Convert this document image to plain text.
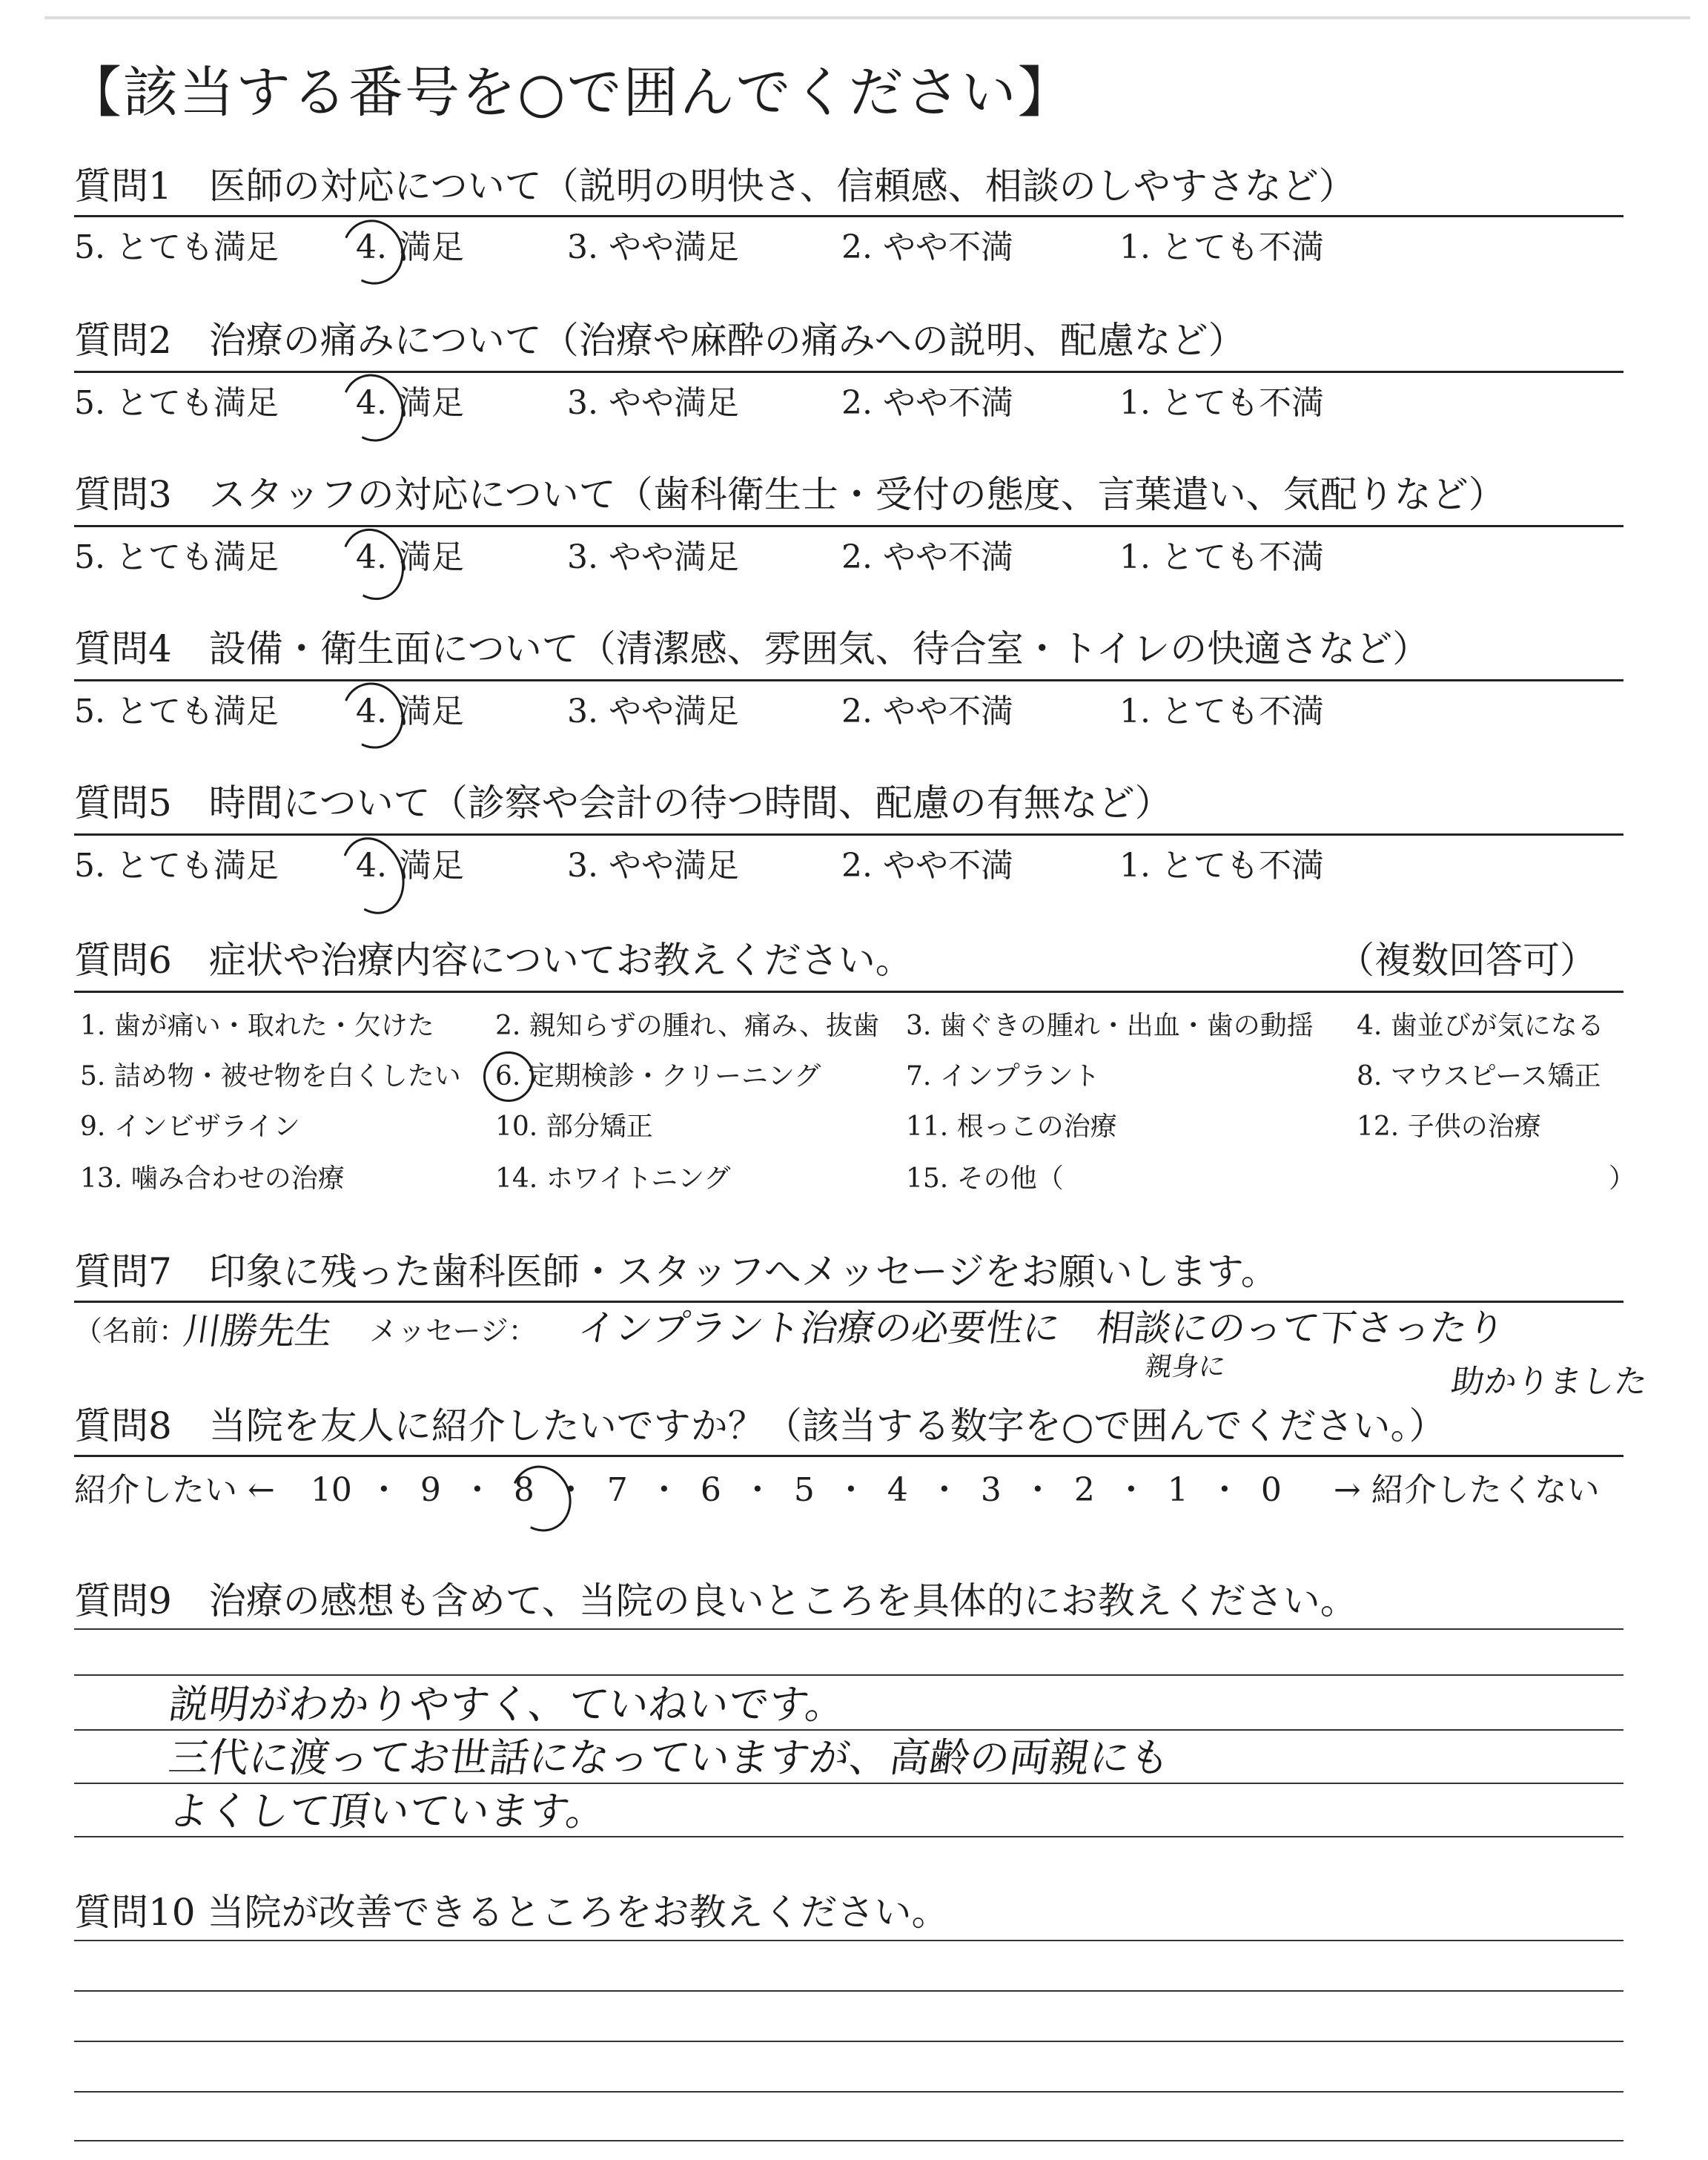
【該当する番号を○で囲んでください】
質問1　医師の対応について（説明の明快さ、信頼感、相談のしやすさなど）
5. とても満足 4. 満足	3. やや満足	2. やや不満	1. とても不満
質問2　治療の痛みについて（治療や麻酔の痛みへの説明、配慮など）
5. とても満足 4. 満足	3. やや満足	2. やや不満	1. とても不満
質問3　スタッフの対応について（歯科衛生士・受付の態度、言葉遣い、気配りなど）
5. とても満足 4. 満足	3. やや満足	2. やや不満	1. とても不満
質問4　設備・衛生面について（清潔感、雰囲気、待合室・トイレの快適さなど）
5. とても満足 4. 満足	3. やや満足	2. やや不満	1. とても不満
質問5　時間について（診察や会計の待つ時間、配慮の有無など）
5. とても満足 4. 満足	3. やや満足	2. やや不満	1. とても不満
質問6　症状や治療内容についてお教えください。	（複数回答可）
1. 歯が痛い・取れた・欠けた 2. 親知らずの腫れ、痛み、抜歯 3. 歯ぐきの腫れ・出血・歯の動揺 4. 歯並びが気になる
5. 詰め物・被せ物を白くしたい 6. 定期検診・クリーニング	7. インプラント	8. マウスピース矯正
9. インビザライン	10. 部分矯正	11. 根っこの治療	12. 子供の治療
13. 噛み合わせの治療	14. ホワイトニング	15. その他（	）
質問7　印象に残った歯科医師・スタッフへメッセージをお願いします。
（名前：
川勝先生 メッセージ： インプラント治療の必要性に　相談にのって下さったり
親身に	助かりました
質問8　当院を友人に紹介したいですか？（該当する数字を○で囲んでください。）
紹介したい ← 10 ・ 9 ・ 8 ・ 7 ・ 6 ・ 5 ・ 4 ・ 3 ・ 2 ・ 1 ・ 0 → 紹介したくない
質問9　治療の感想も含めて、当院の良いところを具体的にお教えください。
説明がわかりやすく、ていねいです。
三代に渡ってお世話になっていますが、高齢の両親にも
よくして頂いています。
質問10 当院が改善できるところをお教えください。
